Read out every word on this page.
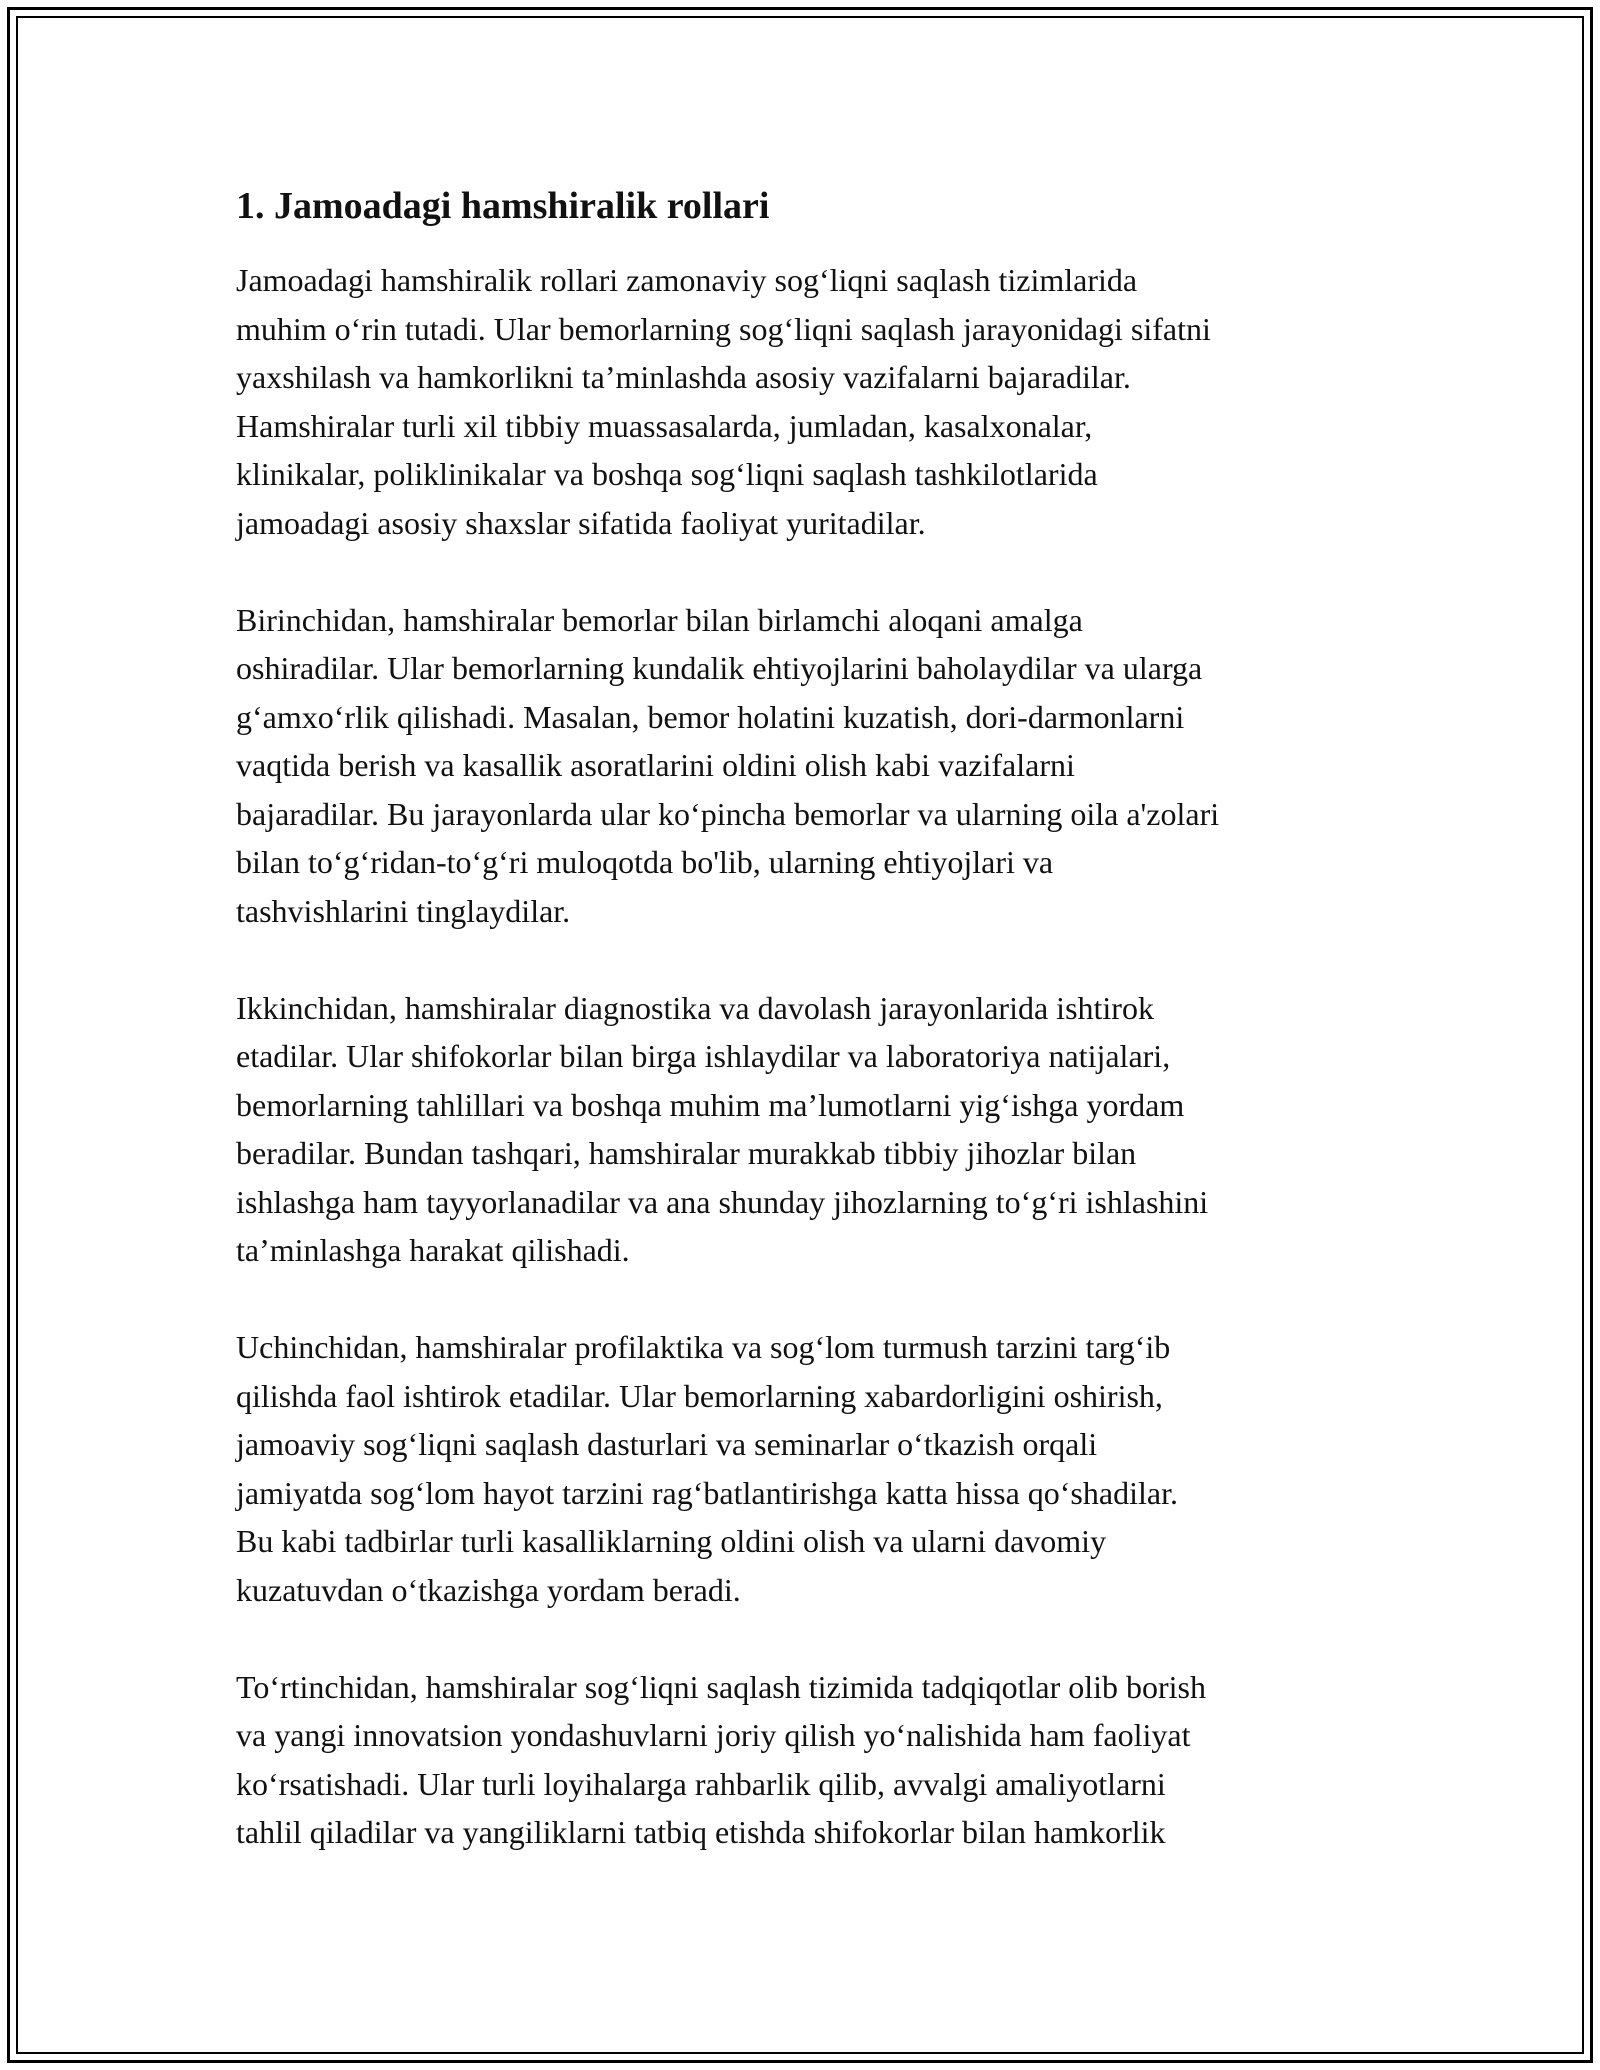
1. Jamoadagi hamshiralik rollari
Jamoadagi hamshiralik rollari zamonaviy sog‘liqni saqlash tizimlarida
muhim o‘rin tutadi. Ular bemorlarning sog‘liqni saqlash jarayonidagi sifatni
yaxshilash va hamkorlikni ta’minlashda asosiy vazifalarni bajaradilar.
Hamshiralar turli xil tibbiy muassasalarda, jumladan, kasalxonalar,
klinikalar, poliklinikalar va boshqa sog‘liqni saqlash tashkilotlarida
jamoadagi asosiy shaxslar sifatida faoliyat yuritadilar.
Birinchidan, hamshiralar bemorlar bilan birlamchi aloqani amalga
oshiradilar. Ular bemorlarning kundalik ehtiyojlarini baholaydilar va ularga
g‘amxo‘rlik qilishadi. Masalan, bemor holatini kuzatish, dori-darmonlarni
vaqtida berish va kasallik asoratlarini oldini olish kabi vazifalarni
bajaradilar. Bu jarayonlarda ular ko‘pincha bemorlar va ularning oila a'zolari
bilan to‘g‘ridan-to‘g‘ri muloqotda bo'lib, ularning ehtiyojlari va
tashvishlarini tinglaydilar.
Ikkinchidan, hamshiralar diagnostika va davolash jarayonlarida ishtirok
etadilar. Ular shifokorlar bilan birga ishlaydilar va laboratoriya natijalari,
bemorlarning tahlillari va boshqa muhim ma’lumotlarni yig‘ishga yordam
beradilar. Bundan tashqari, hamshiralar murakkab tibbiy jihozlar bilan
ishlashga ham tayyorlanadilar va ana shunday jihozlarning to‘g‘ri ishlashini
ta’minlashga harakat qilishadi.
Uchinchidan, hamshiralar profilaktika va sog‘lom turmush tarzini targ‘ib
qilishda faol ishtirok etadilar. Ular bemorlarning xabardorligini oshirish,
jamoaviy sog‘liqni saqlash dasturlari va seminarlar o‘tkazish orqali
jamiyatda sog‘lom hayot tarzini rag‘batlantirishga katta hissa qo‘shadilar.
Bu kabi tadbirlar turli kasalliklarning oldini olish va ularni davomiy
kuzatuvdan o‘tkazishga yordam beradi.
To‘rtinchidan, hamshiralar sog‘liqni saqlash tizimida tadqiqotlar olib borish
va yangi innovatsion yondashuvlarni joriy qilish yo‘nalishida ham faoliyat
ko‘rsatishadi. Ular turli loyihalarga rahbarlik qilib, avvalgi amaliyotlarni
tahlil qiladilar va yangiliklarni tatbiq etishda shifokorlar bilan hamkorlik
